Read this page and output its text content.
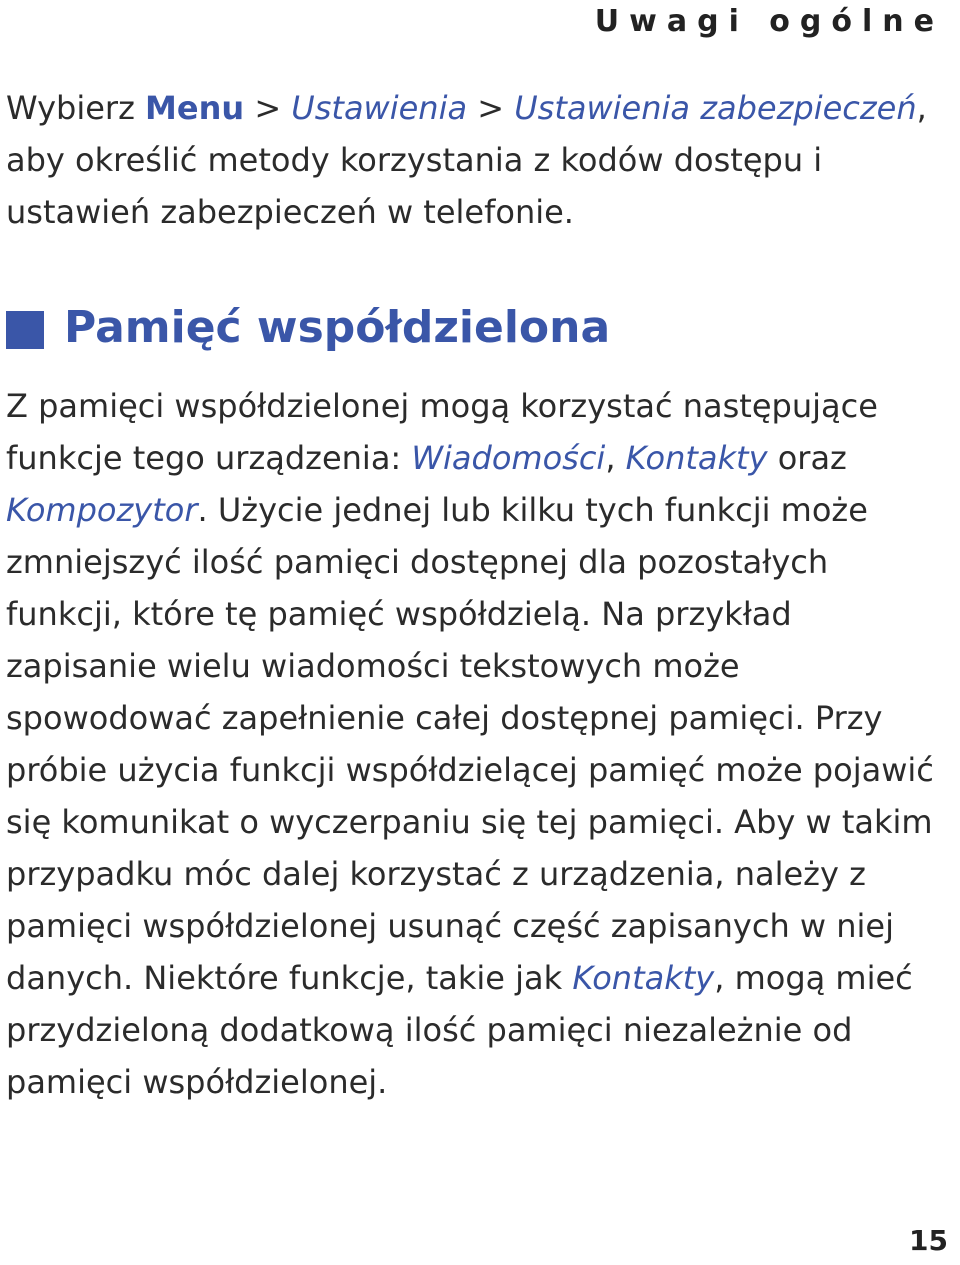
Uwagi ogólne
Wybierz Menu > Ustawienia > Ustawienia zabezpieczeń, aby określić metody korzystania z kodów dostępu i ustawień zabezpieczeń w telefonie.
Pamięć współdzielona
Z pamięci współdzielonej mogą korzystać następujące funkcje tego urządzenia: Wiadomości, Kontakty oraz Kompozytor. Użycie jednej lub kilku tych funkcji może zmniejszyć ilość pamięci dostępnej dla pozostałych funkcji, które tę pamięć współdzielą. Na przykład zapisanie wielu wiadomości tekstowych może spowodować zapełnienie całej dostępnej pamięci. Przy próbie użycia funkcji współdzielącej pamięć może pojawić się komunikat o wyczerpaniu się tej pamięci. Aby w takim przypadku móc dalej korzystać z urządzenia, należy z pamięci współdzielonej usunąć część zapisanych w niej danych. Niektóre funkcje, takie jak Kontakty, mogą mieć przydzieloną dodatkową ilość pamięci niezależnie od pamięci współdzielonej.
15
